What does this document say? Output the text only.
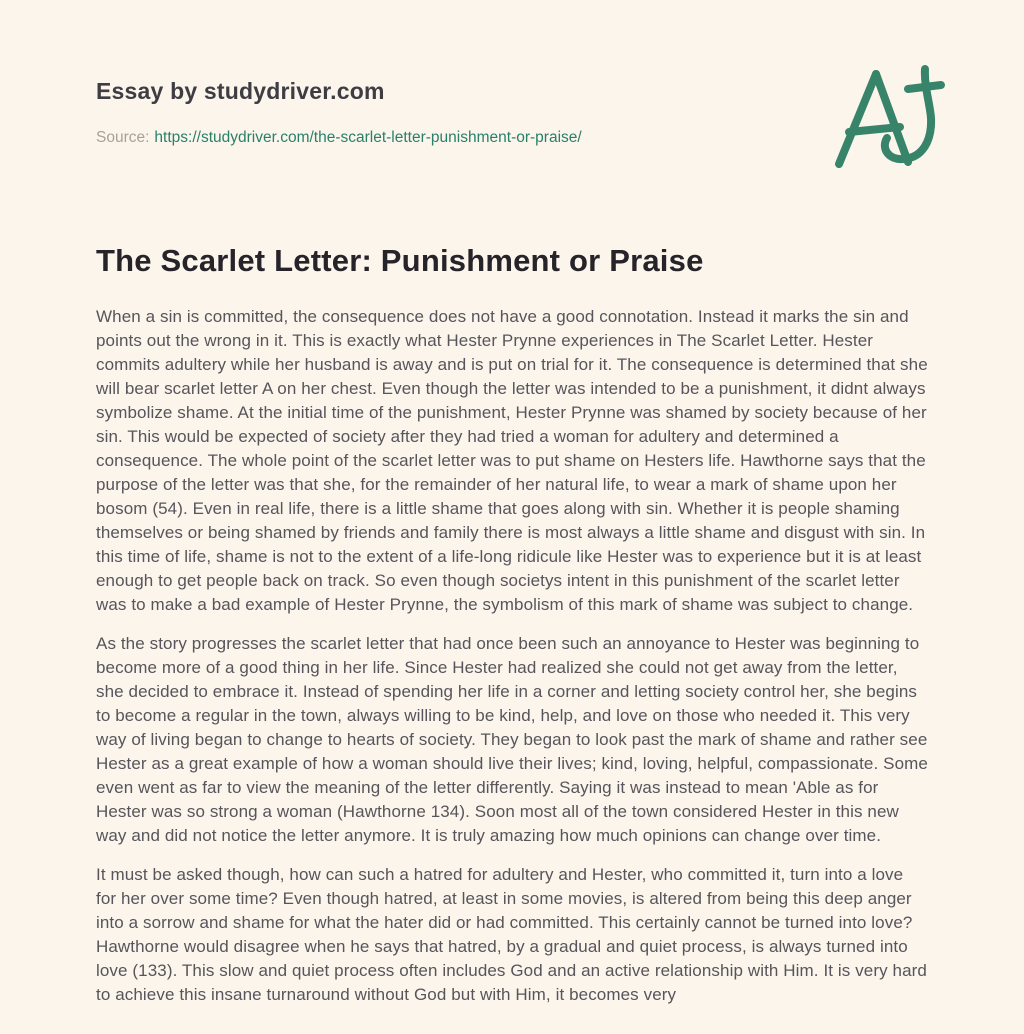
Essay by studydriver.com
Source: https://studydriver.com/the-scarlet-letter-punishment-or-praise/
The Scarlet Letter: Punishment or Praise

When a sin is committed, the consequence does not have a good connotation. Instead it marks the sin and points out the wrong in it. This is exactly what Hester Prynne experiences in The Scarlet Letter. Hester commits adultery while her husband is away and is put on trial for it. The consequence is determined that she will bear scarlet letter A on her chest. Even though the letter was intended to be a punishment, it didnt always symbolize shame. At the initial time of the punishment, Hester Prynne was shamed by society because of her sin. This would be expected of society after they had tried a woman for adultery and determined a consequence. The whole point of the scarlet letter was to put shame on Hesters life. Hawthorne says that the purpose of the letter was that she, for the remainder of her natural life, to wear a mark of shame upon her bosom (54). Even in real life, there is a little shame that goes along with sin. Whether it is people shaming themselves or being shamed by friends and family there is most always a little shame and disgust with sin. In this time of life, shame is not to the extent of a life-long ridicule like Hester was to experience but it is at least enough to get people back on track. So even though societys intent in this punishment of the scarlet letter was to make a bad example of Hester Prynne, the symbolism of this mark of shame was subject to change.

As the story progresses the scarlet letter that had once been such an annoyance to Hester was beginning to become more of a good thing in her life. Since Hester had realized she could not get away from the letter, she decided to embrace it. Instead of spending her life in a corner and letting society control her, she begins to become a regular in the town, always willing to be kind, help, and love on those who needed it. This very way of living began to change to hearts of society. They began to look past the mark of shame and rather see Hester as a great example of how a woman should live their lives; kind, loving, helpful, compassionate. Some even went as far to view the meaning of the letter differently. Saying it was instead to mean 'Able as for Hester was so strong a woman (Hawthorne 134). Soon most all of the town considered Hester in this new way and did not notice the letter anymore. It is truly amazing how much opinions can change over time.

It must be asked though, how can such a hatred for adultery and Hester, who committed it, turn into a love for her over some time? Even though hatred, at least in some movies, is altered from being this deep anger into a sorrow and shame for what the hater did or had committed. This certainly cannot be turned into love? Hawthorne would disagree when he says that hatred, by a gradual and quiet process, is always turned into love (133). This slow and quiet process often includes God and an active relationship with Him. It is very hard to achieve this insane turnaround without God but with Him, it becomes very
